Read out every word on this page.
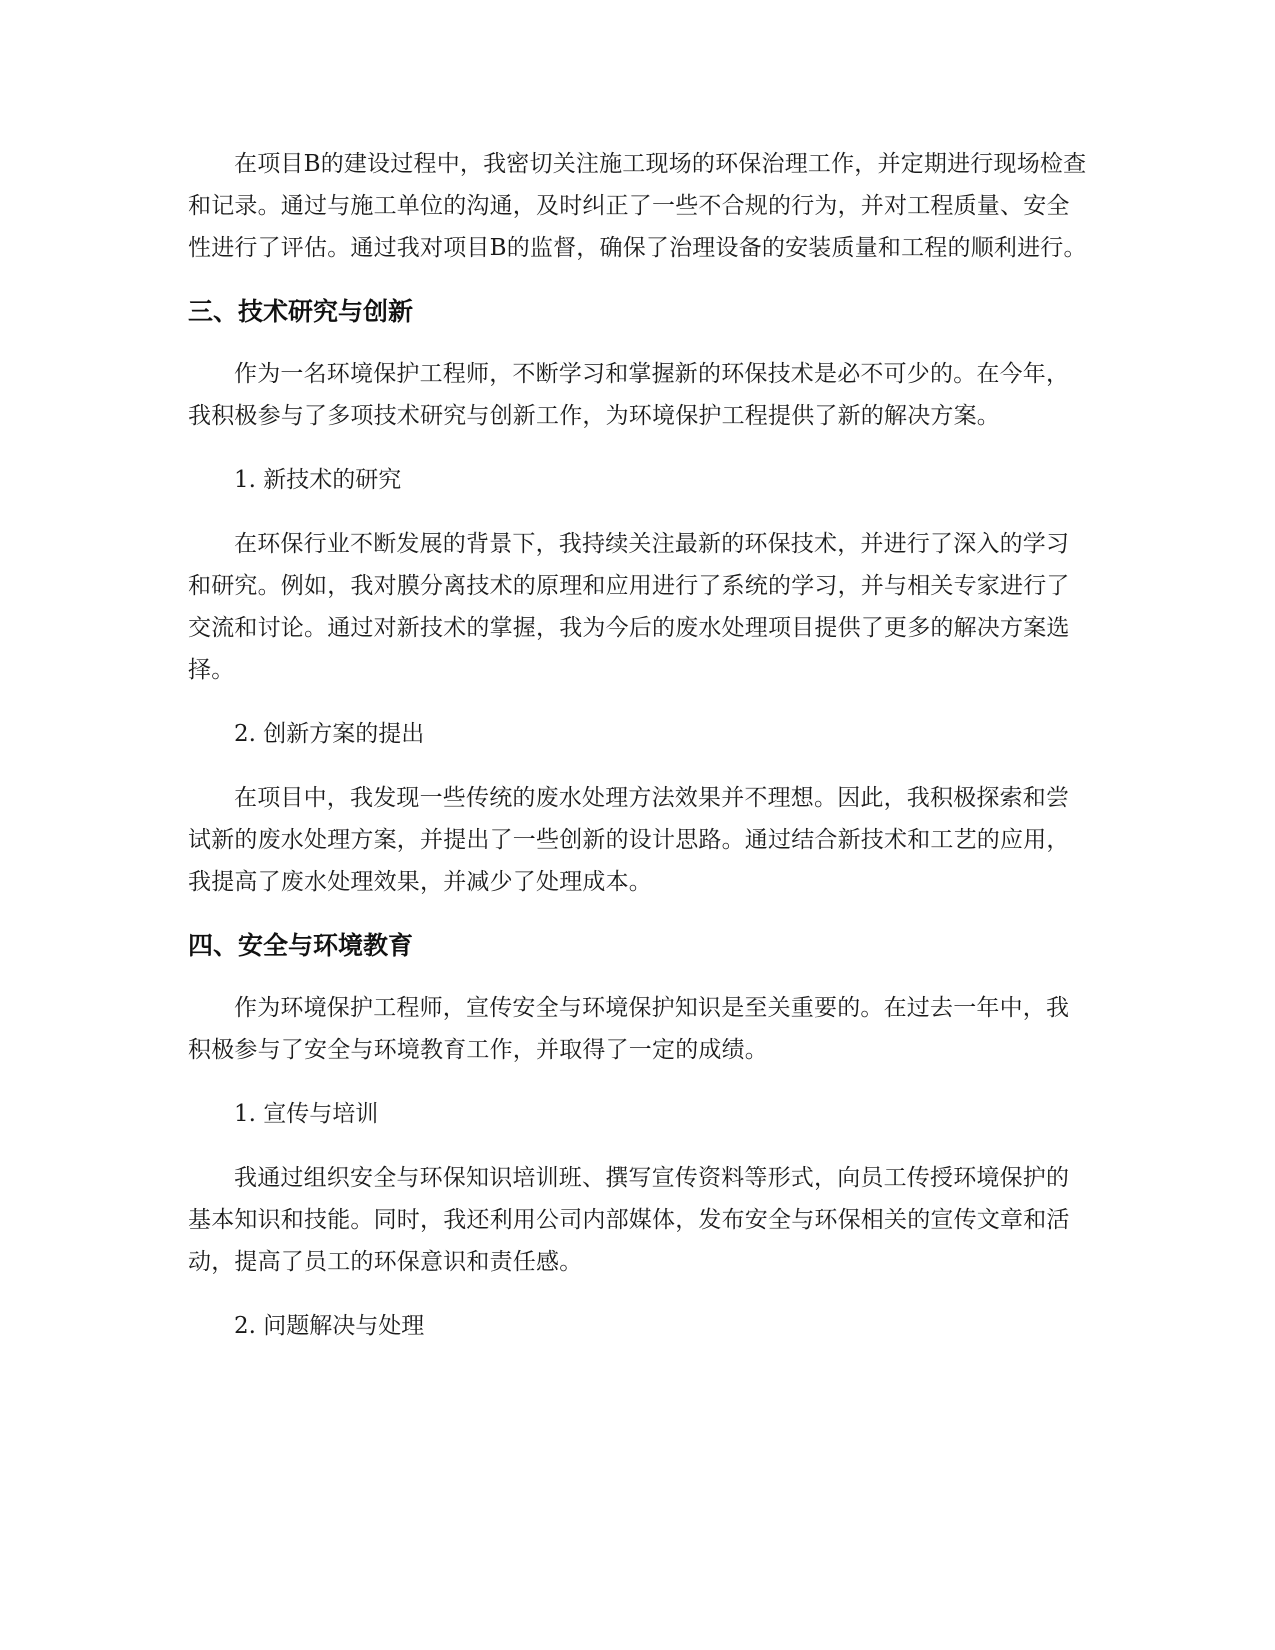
在项目B的建设过程中，我密切关注施工现场的环保治理工作，并定期进行现场检查和记录。通过与施工单位的沟通，及时纠正了一些不合规的行为，并对工程质量、安全性进行了评估。通过我对项目B的监督，确保了治理设备的安装质量和工程的顺利进行。

三、技术研究与创新

作为一名环境保护工程师，不断学习和掌握新的环保技术是必不可少的。在今年，我积极参与了多项技术研究与创新工作，为环境保护工程提供了新的解决方案。

1. 新技术的研究

在环保行业不断发展的背景下，我持续关注最新的环保技术，并进行了深入的学习和研究。例如，我对膜分离技术的原理和应用进行了系统的学习，并与相关专家进行了交流和讨论。通过对新技术的掌握，我为今后的废水处理项目提供了更多的解决方案选择。

2. 创新方案的提出

在项目中，我发现一些传统的废水处理方法效果并不理想。因此，我积极探索和尝试新的废水处理方案，并提出了一些创新的设计思路。通过结合新技术和工艺的应用，我提高了废水处理效果，并减少了处理成本。

四、安全与环境教育

作为环境保护工程师，宣传安全与环境保护知识是至关重要的。在过去一年中，我积极参与了安全与环境教育工作，并取得了一定的成绩。

1. 宣传与培训

我通过组织安全与环保知识培训班、撰写宣传资料等形式，向员工传授环境保护的基本知识和技能。同时，我还利用公司内部媒体，发布安全与环保相关的宣传文章和活动，提高了员工的环保意识和责任感。

2. 问题解决与处理
